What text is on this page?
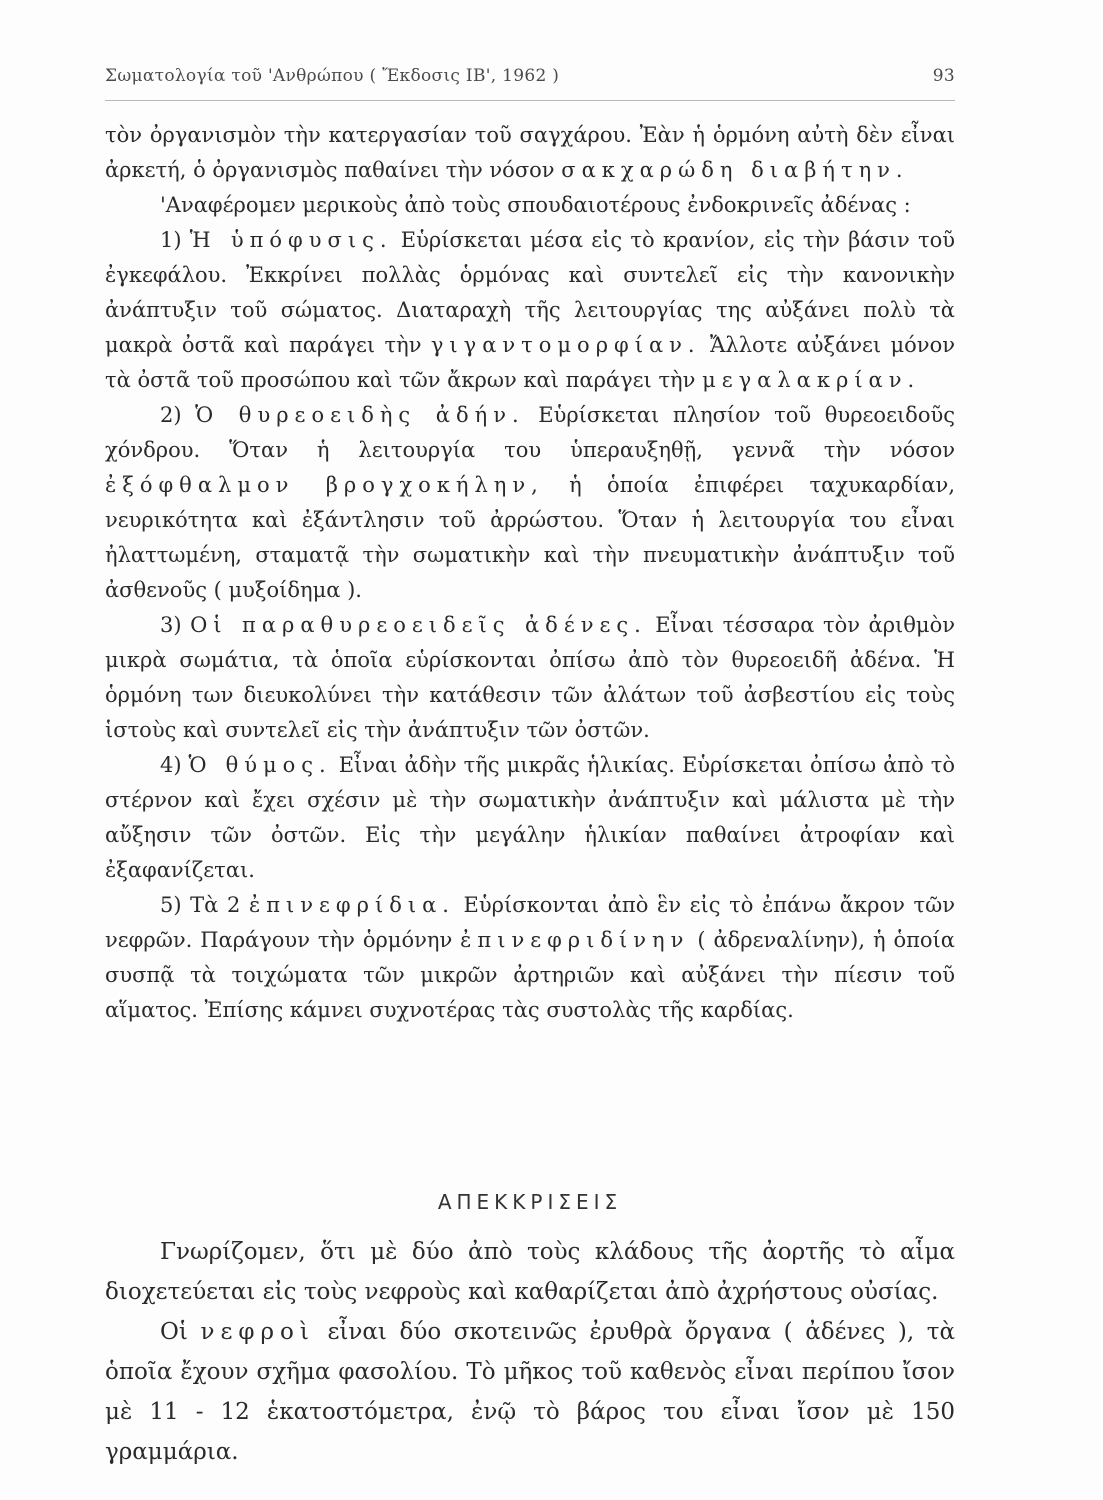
Σωματολογία τοῦ 'Ανθρώπου ( Ἔκδοσις ΙΒ', 1962 )	93

τὸν ὀργανισμὸν τὴν κατεργασίαν τοῦ σαγχάρου. Ἐὰν ἡ ὁρμόνη αὐτὴ δὲν εἶναι ἀρκετή, ὁ ὀργανισμὸς παθαίνει τὴν νόσον σακχαρώδη διαβήτην.

'Αναφέρομεν μερικοὺς ἀπὸ τοὺς σπουδαιοτέρους ἐνδοκρινεῖς ἀδένας :

1) Ἡ ὑπόφυσις. Εὑρίσκεται μέσα εἰς τὸ κρανίον, εἰς τὴν βάσιν τοῦ ἐγκεφάλου. Ἐκκρίνει πολλὰς ὁρμόνας καὶ συντελεῖ εἰς τὴν κανονικὴν ἀνάπτυξιν τοῦ σώματος. Διαταραχὴ τῆς λειτουργίας της αὐξάνει πολὺ τὰ μακρὰ ὀστᾶ καὶ παράγει τὴν γιγαντομορφίαν. Ἄλλοτε αὐξάνει μόνον τὰ ὀστᾶ τοῦ προσώπου καὶ τῶν ἄκρων καὶ παράγει τὴν μεγαλακρίαν.

2) Ὁ θυρεοειδὴς ἀδήν. Εὑρίσκεται πλησίον τοῦ θυρεοειδοῦς χόνδρου. Ὅταν ἡ λειτουργία του ὑπεραυξηθῇ, γεννᾶ τὴν νόσον ἐξόφθαλμον βρογχοκήλην, ἡ ὁποία ἐπιφέρει ταχυκαρδίαν, νευρικότητα καὶ ἐξάντλησιν τοῦ ἀρρώστου. Ὅταν ἡ λειτουργία του εἶναι ἠλαττωμένη, σταματᾷ τὴν σωματικὴν καὶ τὴν πνευματικὴν ἀνάπτυξιν τοῦ ἀσθενοῦς ( μυξοίδημα ).

3) Οἱ παραθυρεοειδεῖς ἀδένες. Εἶναι τέσσαρα τὸν ἀριθμὸν μικρὰ σωμάτια, τὰ ὁποῖα εὑρίσκονται ὀπίσω ἀπὸ τὸν θυρεοειδῆ ἀδένα. Ἡ ὁρμόνη των διευκολύνει τὴν κατάθεσιν τῶν ἀλάτων τοῦ ἀσβεστίου εἰς τοὺς ἱστοὺς καὶ συντελεῖ εἰς τὴν ἀνάπτυξιν τῶν ὀστῶν.

4) Ὁ θύμος. Εἶναι ἀδὴν τῆς μικρᾶς ἡλικίας. Εὑρίσκεται ὀπίσω ἀπὸ τὸ στέρνον καὶ ἔχει σχέσιν μὲ τὴν σωματικὴν ἀνάπτυξιν καὶ μάλιστα μὲ τὴν αὔξησιν τῶν ὀστῶν. Εἰς τὴν μεγάλην ἡλικίαν παθαίνει ἀτροφίαν καὶ ἐξαφανίζεται.

5) Τὰ 2 ἐπινεφρίδια. Εὑρίσκονται ἀπὸ ἓν εἰς τὸ ἐπάνω ἄκρον τῶν νεφρῶν. Παράγουν τὴν ὁρμόνην ἐπινεφριδίνην ( ἀδρεναλίνην), ἡ ὁποία συσπᾷ τὰ τοιχώματα τῶν μικρῶν ἀρτηριῶν καὶ αὐξάνει τὴν πίεσιν τοῦ αἵματος. Ἐπίσης κάμνει συχνοτέρας τὰς συστολὰς τῆς καρδίας.

ΑΠΕΚΚΡΙΣΕΙΣ

Γνωρίζομεν, ὅτι μὲ δύο ἀπὸ τοὺς κλάδους τῆς ἀορτῆς τὸ αἷμα διοχετεύεται εἰς τοὺς νεφροὺς καὶ καθαρίζεται ἀπὸ ἀχρήστους οὐσίας.

Οἱ νεφροὶ εἶναι δύο σκοτεινῶς ἐρυθρὰ ὄργανα ( ἀδένες ), τὰ ὁποῖα ἔχουν σχῆμα φασολίου. Τὸ μῆκος τοῦ καθενὸς εἶναι περίπου ἴσον μὲ 11 - 12 ἑκατοστόμετρα, ἐνῷ τὸ βάρος του εἶναι ἴσον μὲ 150 γραμμάρια.
